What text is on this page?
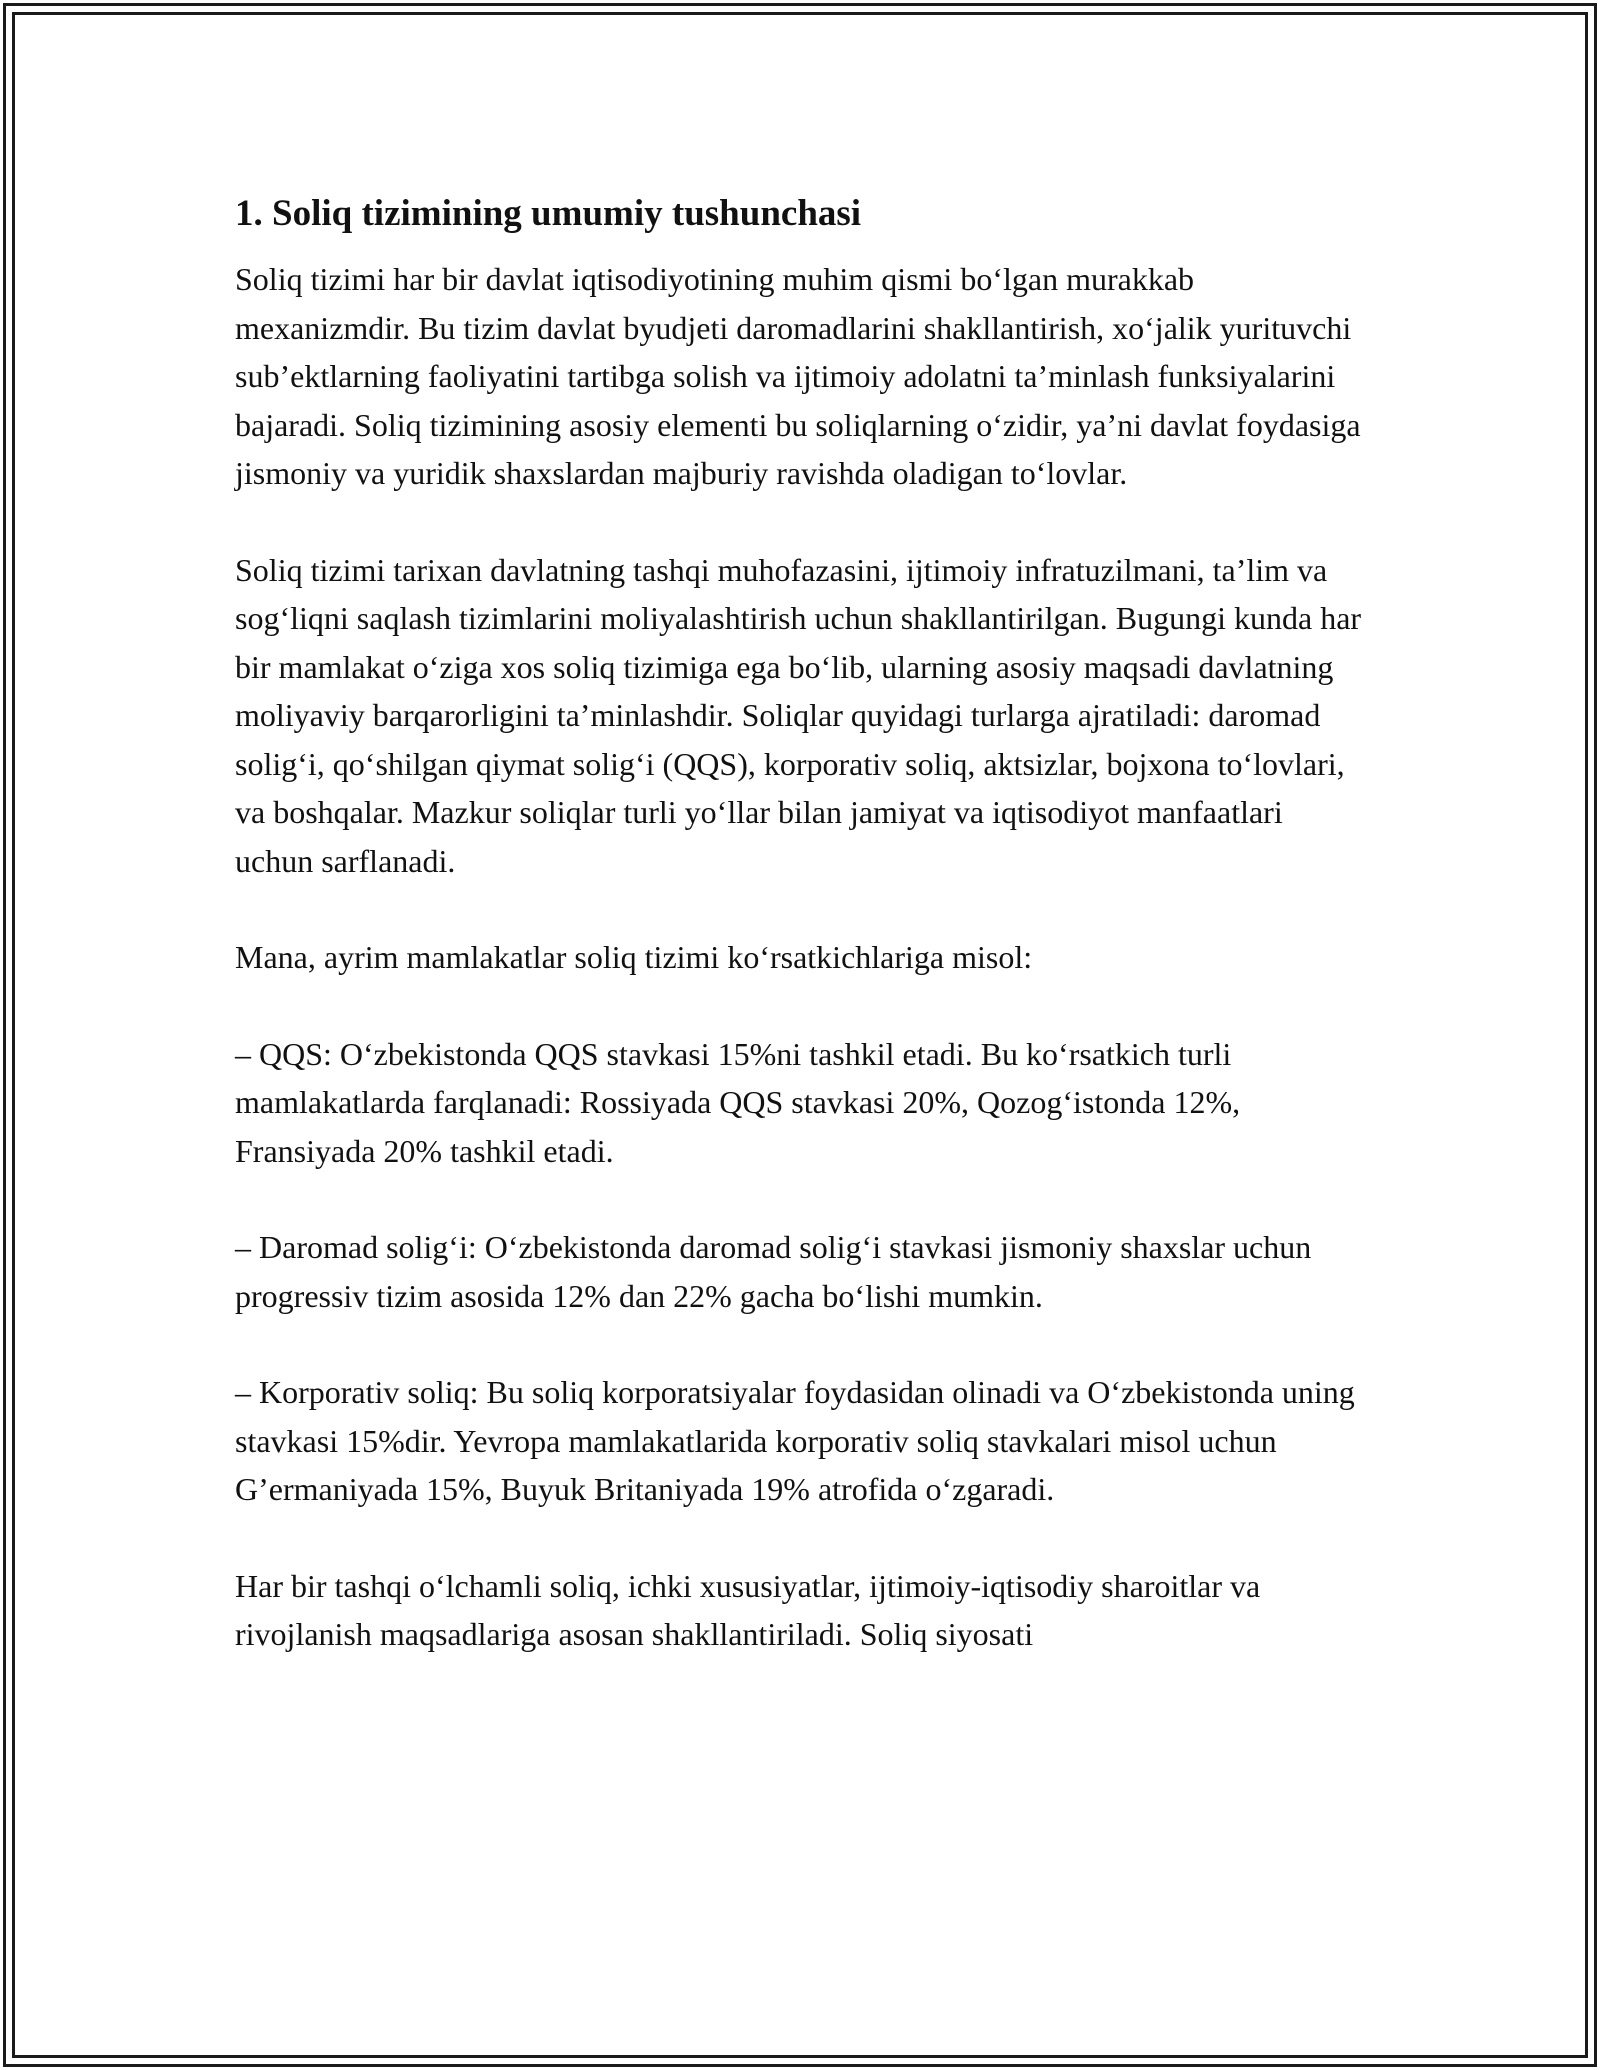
1. Soliq tizimining umumiy tushunchasi

Soliq tizimi har bir davlat iqtisodiyotining muhim qismi bo‘lgan murakkab mexanizmdir. Bu tizim davlat byudjeti daromadlarini shakllantirish, xo‘jalik yurituvchi sub’ektlarning faoliyatini tartibga solish va ijtimoiy adolatni ta’minlash funksiyalarini bajaradi. Soliq tizimining asosiy elementi bu soliqlarning o‘zidir, ya’ni davlat foydasiga jismoniy va yuridik shaxslardan majburiy ravishda oladigan to‘lovlar.

Soliq tizimi tarixan davlatning tashqi muhofazasini, ijtimoiy infratuzilmani, ta’lim va sog‘liqni saqlash tizimlarini moliyalashtirish uchun shakllantirilgan. Bugungi kunda har bir mamlakat o‘ziga xos soliq tizimiga ega bo‘lib, ularning asosiy maqsadi davlatning moliyaviy barqarorligini ta’minlashdir. Soliqlar quyidagi turlarga ajratiladi: daromad solig‘i, qo‘shilgan qiymat solig‘i (QQS), korporativ soliq, aktsizlar, bojxona to‘lovlari, va boshqalar. Mazkur soliqlar turli yo‘llar bilan jamiyat va iqtisodiyot manfaatlari uchun sarflanadi.

Mana, ayrim mamlakatlar soliq tizimi ko‘rsatkichlariga misol:

– QQS: O‘zbekistonda QQS stavkasi 15%ni tashkil etadi. Bu ko‘rsatkich turli mamlakatlarda farqlanadi: Rossiyada QQS stavkasi 20%, Qozog‘istonda 12%, Fransiyada 20% tashkil etadi.

– Daromad solig‘i: O‘zbekistonda daromad solig‘i stavkasi jismoniy shaxslar uchun progressiv tizim asosida 12% dan 22% gacha bo‘lishi mumkin.

– Korporativ soliq: Bu soliq korporatsiyalar foydasidan olinadi va O‘zbekistonda uning stavkasi 15%dir. Yevropa mamlakatlarida korporativ soliq stavkalari misol uchun G’ermaniyada 15%, Buyuk Britaniyada 19% atrofida o‘zgaradi.

Har bir tashqi o‘lchamli soliq, ichki xususiyatlar, ijtimoiy-iqtisodiy sharoitlar va rivojlanish maqsadlariga asosan shakllantiriladi. Soliq siyosati
